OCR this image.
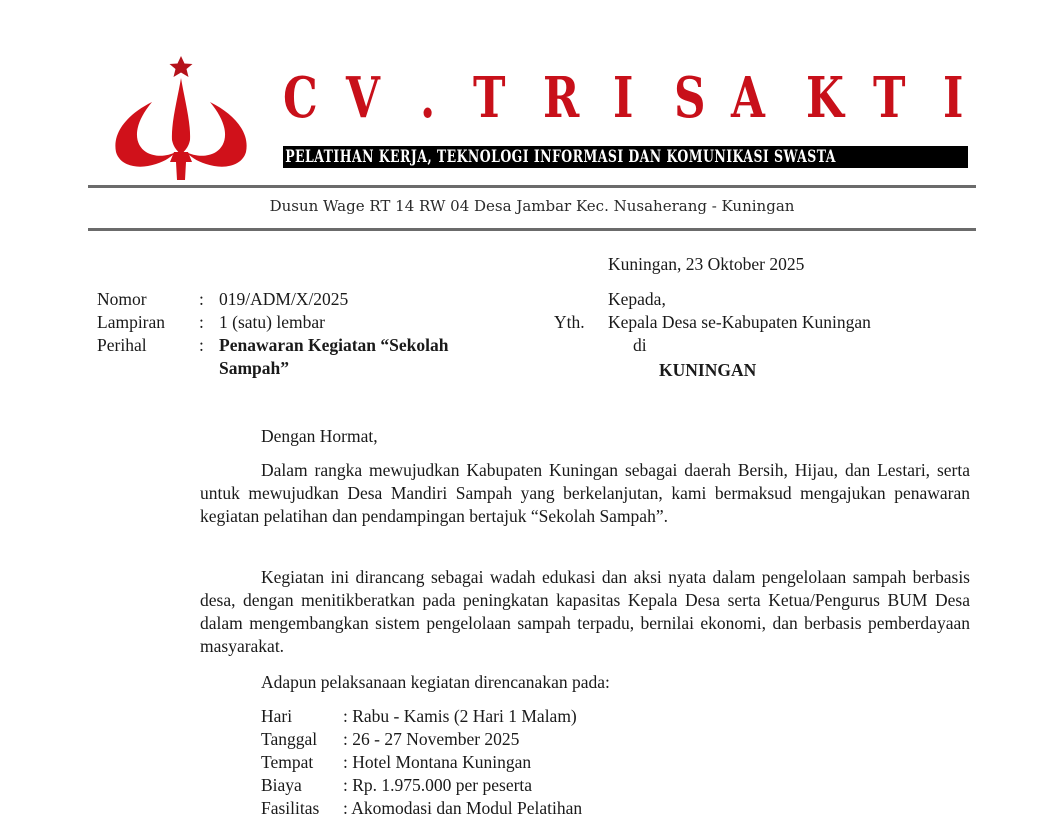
C V . T R I S A K T I
PELATIHAN KERJA, TEKNOLOGI INFORMASI DAN KOMUNIKASI SWASTA
Dusun Wage RT 14 RW 04 Desa Jambar Kec. Nusaherang - Kuningan
Kuningan, 23 Oktober 2025
Nomor	: 019/ADM/X/2025
Lampiran : 1 (satu) lembar
Perihal	: Penawaran Kegiatan “Sekolah
Sampah”
Kepada,
Yth. Kepala Desa se-Kabupaten Kuningan
di
KUNINGAN
Dengan Hormat,

Dalam rangka mewujudkan Kabupaten Kuningan sebagai daerah Bersih, Hijau, dan Lestari, serta untuk mewujudkan Desa Mandiri Sampah yang berkelanjutan, kami bermaksud mengajukan penawaran kegiatan pelatihan dan pendampingan bertajuk “Sekolah Sampah”.

Kegiatan ini dirancang sebagai wadah edukasi dan aksi nyata dalam pengelolaan sampah berbasis desa, dengan menitikberatkan pada peningkatan kapasitas Kepala Desa serta Ketua/Pengurus BUM Desa dalam mengembangkan sistem pengelolaan sampah terpadu, bernilai ekonomi, dan berbasis pemberdayaan masyarakat.

Adapun pelaksanaan kegiatan direncanakan pada:
Hari	: Rabu - Kamis (2 Hari 1 Malam)
Tanggal : 26 - 27 November 2025
Tempat : Hotel Montana Kuningan
Biaya : Rp. 1.975.000 per peserta
Fasilitas : Akomodasi dan Modul Pelatihan
